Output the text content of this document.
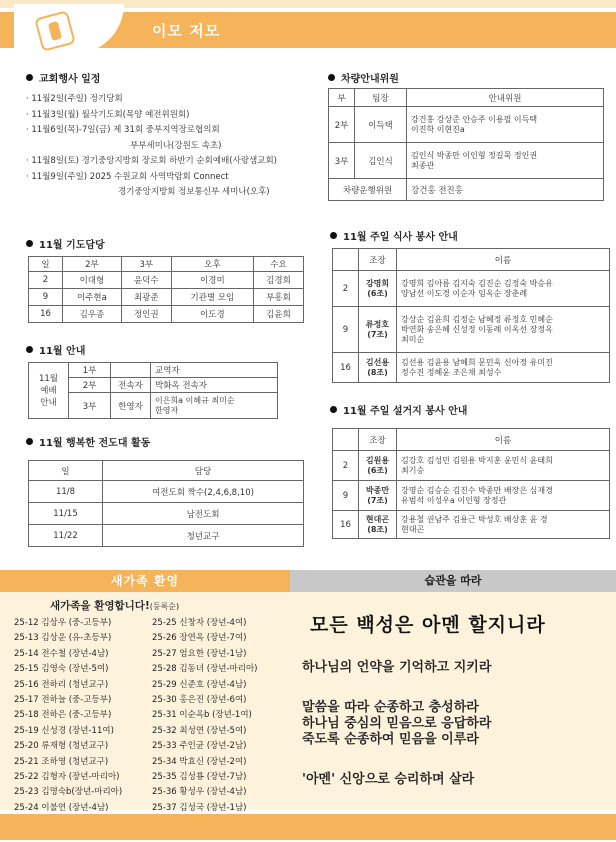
이모 저모
교회행사 일정
· 11월2일(주일) 정기당회
· 11월3일(월) 월삭기도회(목양 예전위원회)
· 11월6일(목)-7일(금) 제 31회 중부지역장로협의회
부부세미나(강원도 속초)
· 11월8일(토) 경기중앙지방회 장로회 하반기 순회예배(사랑샘교회)
· 11월9일(주일) 2025 수원교회 사역박람회 Connect
경기중앙지방회 정보통신부 세미나(오후)
차량안내위원
부	팀장	안내위원
2부	이득택	강건홍 강상준 안승주 이용필 이득택
이진학 이현진a
3부	김인식	김인식 박종만 이인형 정길묵 정인권
최종관
차량운행위원		강건홍 전진홍
11월 기도담당
일	2부	3부	오후	수요
2	이대형	윤덕수	이경미	김경희
9	이주현a	최광준	기관별 모임	부흥회
16	김우종	정인권	이도경	김윤희
11월 안내
11월
예배
안내	1부		교역자
	2부	전속자	박화옥 전속자
	3부	한영자	이은희a 이혜규 최미순
한영자
11월 행복한 전도대 활동
일	담당
11/8	여전도회 짝수(2,4,6,8,10)
11/15	남전도회
11/22	청년교구
11월 주일 식사 봉사 안내
	조장	이름
2	강명희
(6조)	강명희 김아름 김지숙 김진순 김정숙 박승유
양남선 이도경 이순자 임옥순 장춘례
9	류정호
(7조)	강상순 김윤희 김정순 남혜정 류정호 민혜순
박연화 송은혜 신성정 이동례 이옥선 장정옥
최미순
16	김선용
(8조)	김선용 김윤용 남혜희 문민욱 신아정 유미진
정수진 정혜윤 조은채 최성수
11월 주일 설거지 봉사 안내
	조장	이름
2	김원용
(6조)	김강호 김성민 김원용 박지훈 윤민식 윤태희
최기승
9	박종만
(7조)	강명순 김승순 김진수 박종만 배장은 심재경
유범석 이성우a 이인형 장정관
16	현대곤
(8조)	강용철 권남주 김용근 박성호 배상훈 윤 경
현대곤
새가족 환영	습관을 따라
새가족을 환영합니다!(등록순)
25-12 김상우 (중-고등부)
25-13 김상운 (유-초등부)
25-14 전수철 (장년-4남)
25-15 김영숙 (장년-5여)
25-16 전하리 (청년교구)
25-17 전하늘 (중-고등부)
25-18 전하은 (중-고등부)
25-19 신성경 (장년-11여)
25-20 류재형 (청년교구)
25-21 조하영 (청년교구)
25-22 김형자 (장년-마리아)
25-23 김명숙b(장년-마리아)
25-24 이불연 (장년-4남)
25-25 신창자 (장년-4여)
25-26 장연옥 (장년-7여)
25-27 엄요한 (장년-1남)
25-28 김동녀 (장년-마리아)
25-29 신준호 (장년-4남)
25-30 홍은진 (장년-6여)
25-31 이순옥b (장년-1여)
25-32 최성연 (장년-5여)
25-33 주인균 (장년-2남)
25-34 박효신 (장년-2여)
25-35 김성룡 (장년-7남)
25-36 황성우 (장년-4남)
25-37 김성국 (장년-1남)
모든 백성은 아멘 할지니라
하나님의 언약을 기억하고 지키라
말씀을 따라 순종하고 충성하라
하나님 중심의 믿음으로 응답하라
죽도록 순종하여 믿음을 이루라
'아멘' 신앙으로 승리하며 살라
